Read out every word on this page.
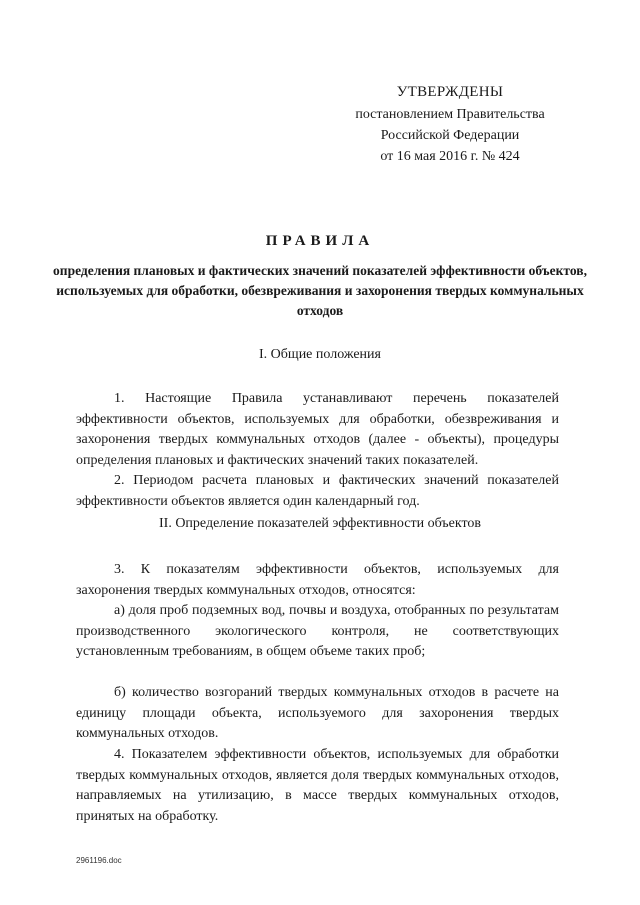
УТВЕРЖДЕНЫ
постановлением Правительства
Российской Федерации
от 16 мая 2016 г. № 424
ПРАВИЛА
определения плановых и фактических значений показателей эффективности объектов, используемых для обработки, обезвреживания и захоронения твердых коммунальных отходов
I. Общие положения
1. Настоящие Правила устанавливают перечень показателей эффективности объектов, используемых для обработки, обезвреживания и захоронения твердых коммунальных отходов (далее - объекты), процедуры определения плановых и фактических значений таких показателей.
2. Периодом расчета плановых и фактических значений показателей эффективности объектов является один календарный год.
II. Определение показателей эффективности объектов
3. К показателям эффективности объектов, используемых для захоронения твердых коммунальных отходов, относятся:
а) доля проб подземных вод, почвы и воздуха, отобранных по результатам производственного экологического контроля, не соответствующих установленным требованиям, в общем объеме таких проб;
б) количество возгораний твердых коммунальных отходов в расчете на единицу площади объекта, используемого для захоронения твердых коммунальных отходов.
4. Показателем эффективности объектов, используемых для обработки твердых коммунальных отходов, является доля твердых коммунальных отходов, направляемых на утилизацию, в массе твердых коммунальных отходов, принятых на обработку.
2961196.doc
